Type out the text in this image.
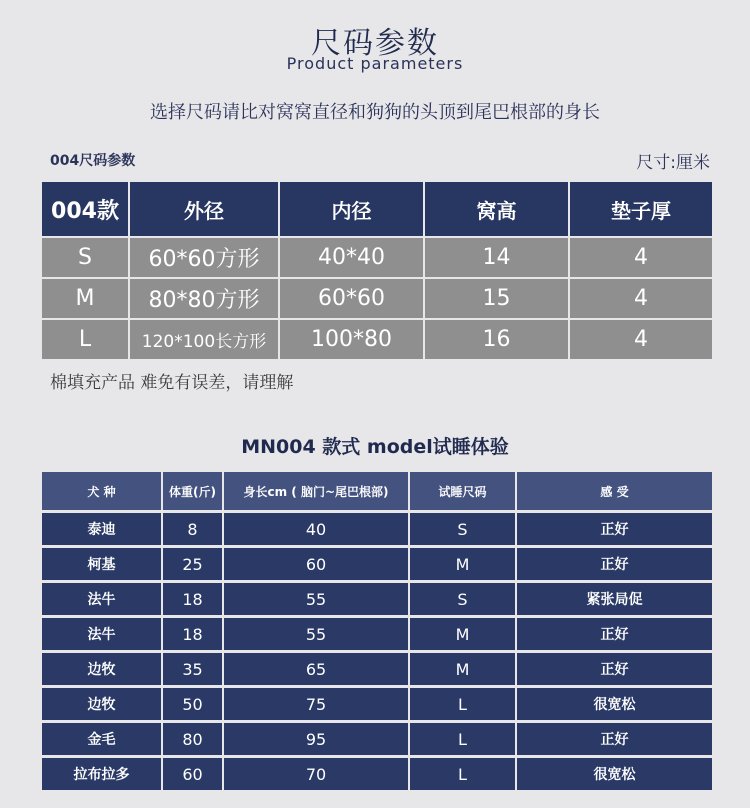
尺码参数
Product parameters
选择尺码请比对窝窝直径和狗狗的头顶到尾巴根部的身长
004尺码参数	尺寸:厘米
004款	外径	内径	窝高	垫子厚
S	60*60方形	40*40	14	4
M	80*80方形	60*60	15	4
L	120*100长方形	100*80	16	4
棉填充产品 难免有误差，请理解
MN004 款式 model试睡体验
犬 种	体重(斤)	身长cm ( 脑门~尾巴根部)	试睡尺码	感 受
泰迪	8	40	S	正好
柯基	25	60	M	正好
法牛	18	55	S	紧张局促
法牛	18	55	M	正好
边牧	35	65	M	正好
边牧	50	75	L	很宽松
金毛	80	95	L	正好
拉布拉多	60	70	L	很宽松
